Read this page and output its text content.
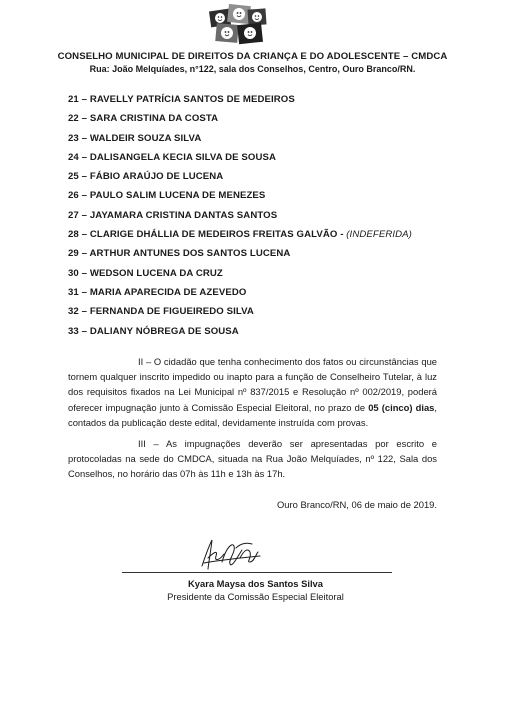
CONSELHO MUNICIPAL DE DIREITOS DA CRIANÇA E DO ADOLESCENTE – CMDCA
Rua: João Melquíades, n°122, sala dos Conselhos, Centro, Ouro Branco/RN.
21 – RAVELLY PATRÍCIA SANTOS DE MEDEIROS
22 – SARA CRISTINA DA COSTA
23 – WALDEIR SOUZA SILVA
24 – DALISANGELA KECIA SILVA DE SOUSA
25 – FÁBIO ARAÚJO DE LUCENA
26 – PAULO SALIM LUCENA DE MENEZES
27 – JAYAMARA CRISTINA DANTAS SANTOS
28 – CLARIGE DHÁLLIA DE MEDEIROS FREITAS GALVÃO - (INDEFERIDA)
29 – ARTHUR ANTUNES DOS SANTOS LUCENA
30 – WEDSON LUCENA DA CRUZ
31 – MARIA APARECIDA DE AZEVEDO
32 – FERNANDA DE FIGUEIREDO SILVA
33 – DALIANY NÓBREGA DE SOUSA

II – O cidadão que tenha conhecimento dos fatos ou circunstâncias que tornem qualquer inscrito impedido ou inapto para a função de Conselheiro Tutelar, à luz dos requisitos fixados na Lei Municipal nº 837/2015 e Resolução nº 002/2019, poderá oferecer impugnação junto à Comissão Especial Eleitoral, no prazo de 05 (cinco) dias, contados da publicação deste edital, devidamente instruída com provas.

III – As impugnações deverão ser apresentadas por escrito e protocoladas na sede do CMDCA, situada na Rua João Melquíades, nº 122, Sala dos Conselhos, no horário das 07h às 11h e 13h às 17h.

Ouro Branco/RN, 06 de maio de 2019.
Kyara Maysa dos Santos Silva
Presidente da Comissão Especial Eleitoral
